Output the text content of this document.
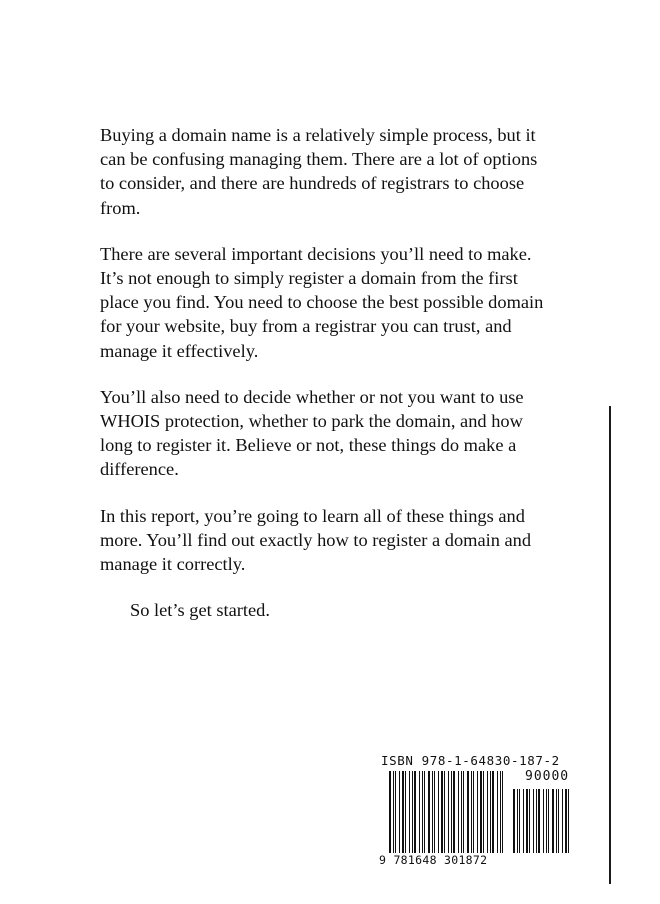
Buying a domain name is a relatively simple process, but it can be confusing managing them. There are a lot of options to consider, and there are hundreds of registrars to choose from.

There are several important decisions you’ll need to make. It’s not enough to simply register a domain from the first place you find. You need to choose the best possible domain for your website, buy from a registrar you can trust, and manage it effectively.

You’ll also need to decide whether or not you want to use WHOIS protection, whether to park the domain, and how long to register it. Believe or not, these things do make a difference.

In this report, you’re going to learn all of these things and more. You’ll find out exactly how to register a domain and manage it correctly.

So let’s get started.

ISBN 978-1-64830-187-2
90000
9 781648 301872
